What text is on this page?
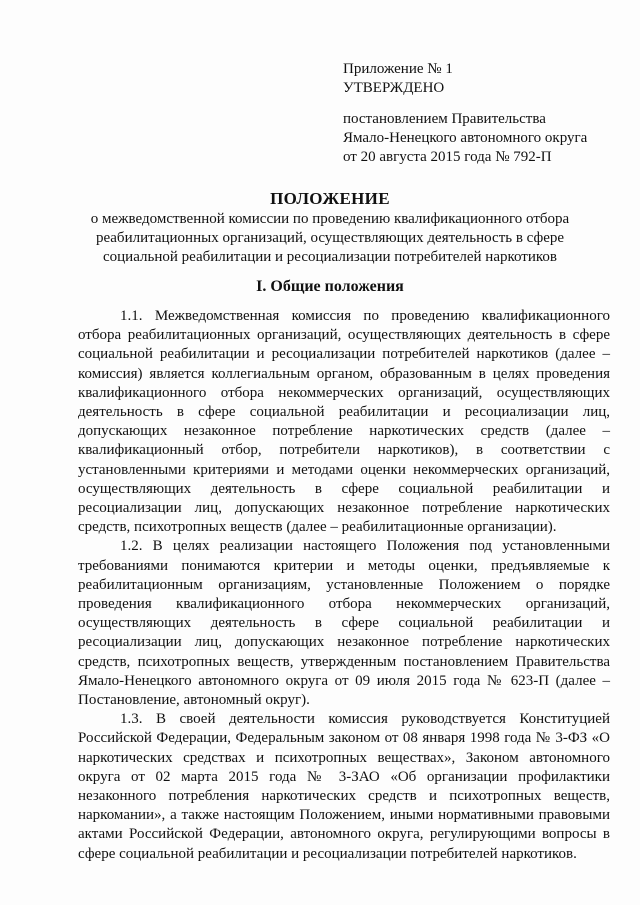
Приложение № 1
УТВЕРЖДЕНО
постановлением Правительства
Ямало-Ненецкого автономного округа
от 20 августа 2015 года № 792-П
ПОЛОЖЕНИЕ
о межведомственной комиссии по проведению квалификационного отбора
реабилитационных организаций, осуществляющих деятельность в сфере
социальной реабилитации и ресоциализации потребителей наркотиков
I. Общие положения

1.1. Межведомственная комиссия по проведению квалификационного отбора реабилитационных организаций, осуществляющих деятельность в сфере социальной реабилитации и ресоциализации потребителей наркотиков (далее – комиссия) является коллегиальным органом, образованным в целях проведения квалификационного отбора некоммерческих организаций, осуществляющих деятельность в сфере социальной реабилитации и ресоциализации лиц, допускающих незаконное потребление наркотических средств (далее – квалификационный отбор, потребители наркотиков), в соответствии с установленными критериями и методами оценки некоммерческих организаций, осуществляющих деятельность в сфере социальной реабилитации и ресоциализации лиц, допускающих незаконное потребление наркотических средств, психотропных веществ (далее – реабилитационные организации).

1.2. В целях реализации настоящего Положения под установленными требованиями понимаются критерии и методы оценки, предъявляемые к реабилитационным организациям, установленные Положением о порядке проведения квалификационного отбора некоммерческих организаций, осуществляющих деятельность в сфере социальной реабилитации и ресоциализации лиц, допускающих незаконное потребление наркотических средств, психотропных веществ, утвержденным постановлением Правительства Ямало-Ненецкого автономного округа от 09 июля 2015 года № 623-П (далее – Постановление, автономный округ).

1.3. В своей деятельности комиссия руководствуется Конституцией Российской Федерации, Федеральным законом от 08 января 1998 года № 3-ФЗ «О наркотических средствах и психотропных веществах», Законом автономного округа от 02 марта 2015 года № 3-ЗАО «Об организации профилактики незаконного потребления наркотических средств и психотропных веществ, наркомании», а также настоящим Положением, иными нормативными правовыми актами Российской Федерации, автономного округа, регулирующими вопросы в сфере социальной реабилитации и ресоциализации потребителей наркотиков.
